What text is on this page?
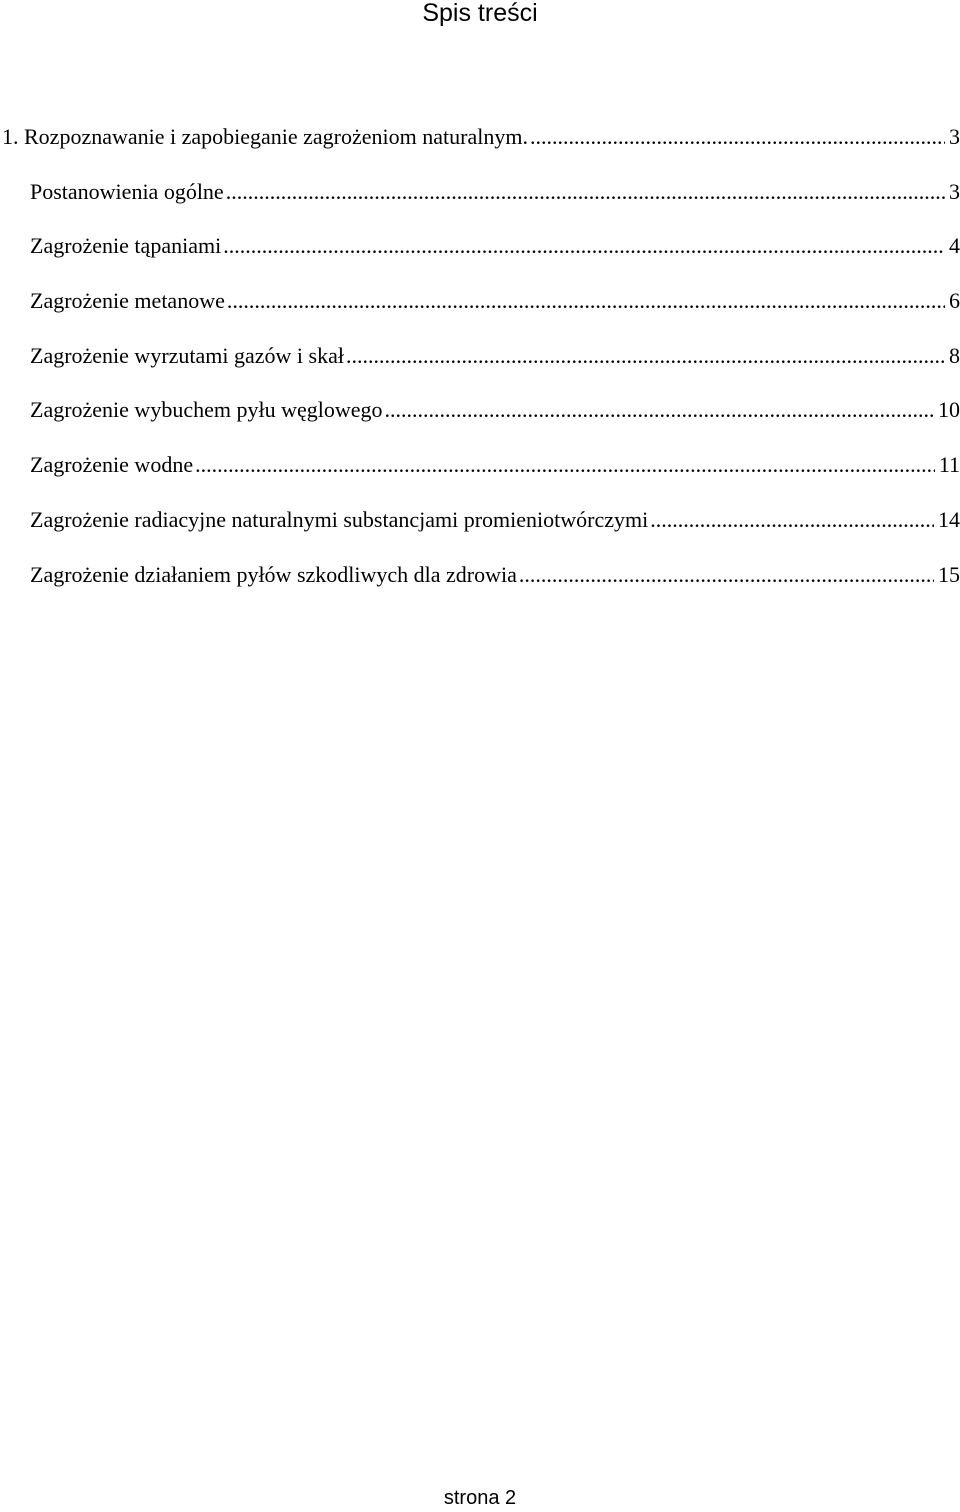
Spis treści
1. Rozpoznawanie i zapobieganie zagrożeniom naturalnym. .....	3
Postanowienia ogólne .....	3
Zagrożenie tąpaniami .....	4
Zagrożenie metanowe .....	6
Zagrożenie wyrzutami gazów i skał .....	8
Zagrożenie wybuchem pyłu węglowego .....	10
Zagrożenie wodne .....	11
Zagrożenie radiacyjne naturalnymi substancjami promieniotwórczymi .....	14
Zagrożenie działaniem pyłów szkodliwych dla zdrowia .....	15
strona 2
